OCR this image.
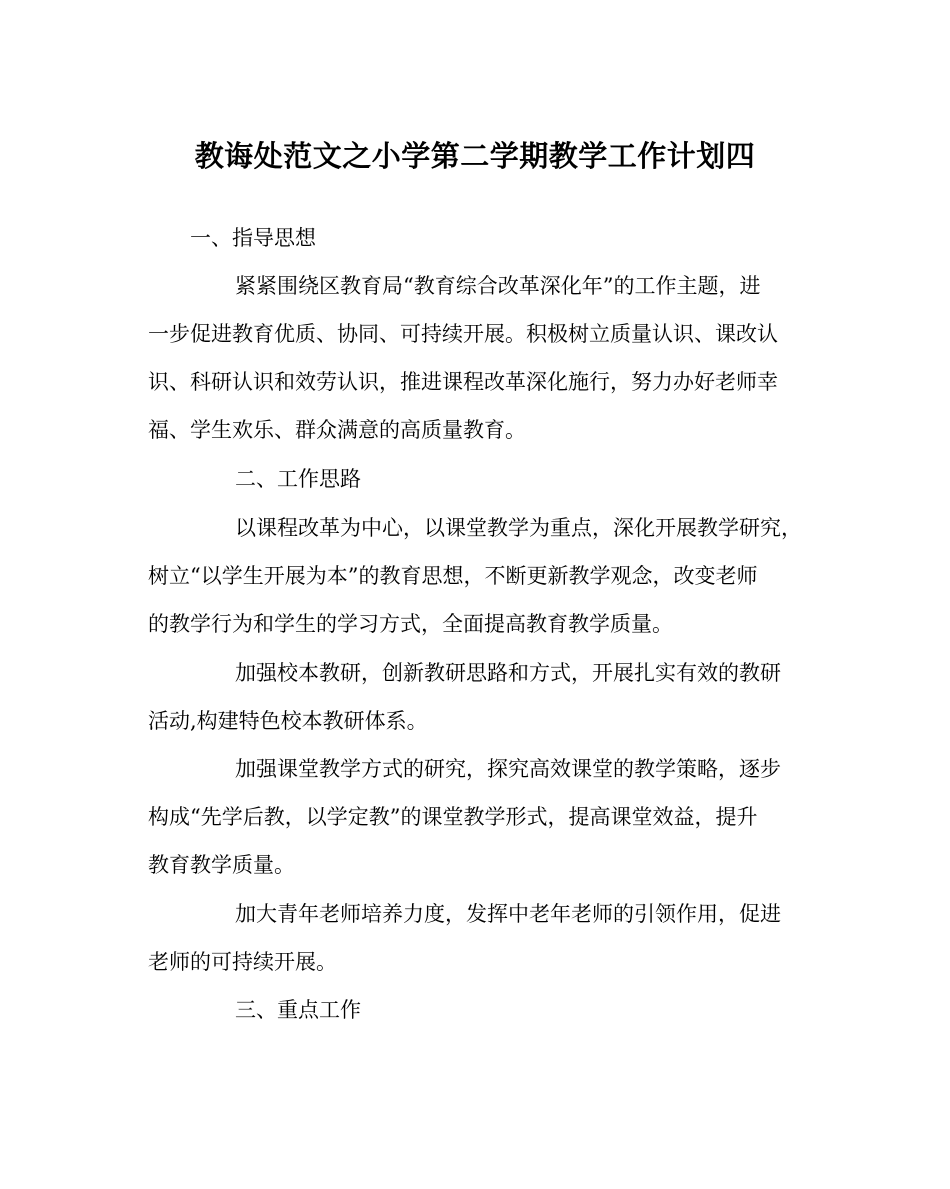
教诲处范文之小学第二学期教学工作计划四
一、指导思想
紧紧围绕区教育局“教育综合改革深化年”的工作主题，进
一步促进教育优质、协同、可持续开展。积极树立质量认识、课改认
识、科研认识和效劳认识，推进课程改革深化施行，努力办好老师幸
福、学生欢乐、群众满意的高质量教育。
二、工作思路
以课程改革为中心，以课堂教学为重点，深化开展教学研究，
树立“以学生开展为本”的教育思想，不断更新教学观念，改变老师
的教学行为和学生的学习方式，全面提高教育教学质量。
加强校本教研，创新教研思路和方式，开展扎实有效的教研
活动,构建特色校本教研体系。
加强课堂教学方式的研究，探究高效课堂的教学策略，逐步
构成“先学后教，以学定教”的课堂教学形式，提高课堂效益，提升
教育教学质量。
加大青年老师培养力度，发挥中老年老师的引领作用，促进
老师的可持续开展。
三、重点工作
